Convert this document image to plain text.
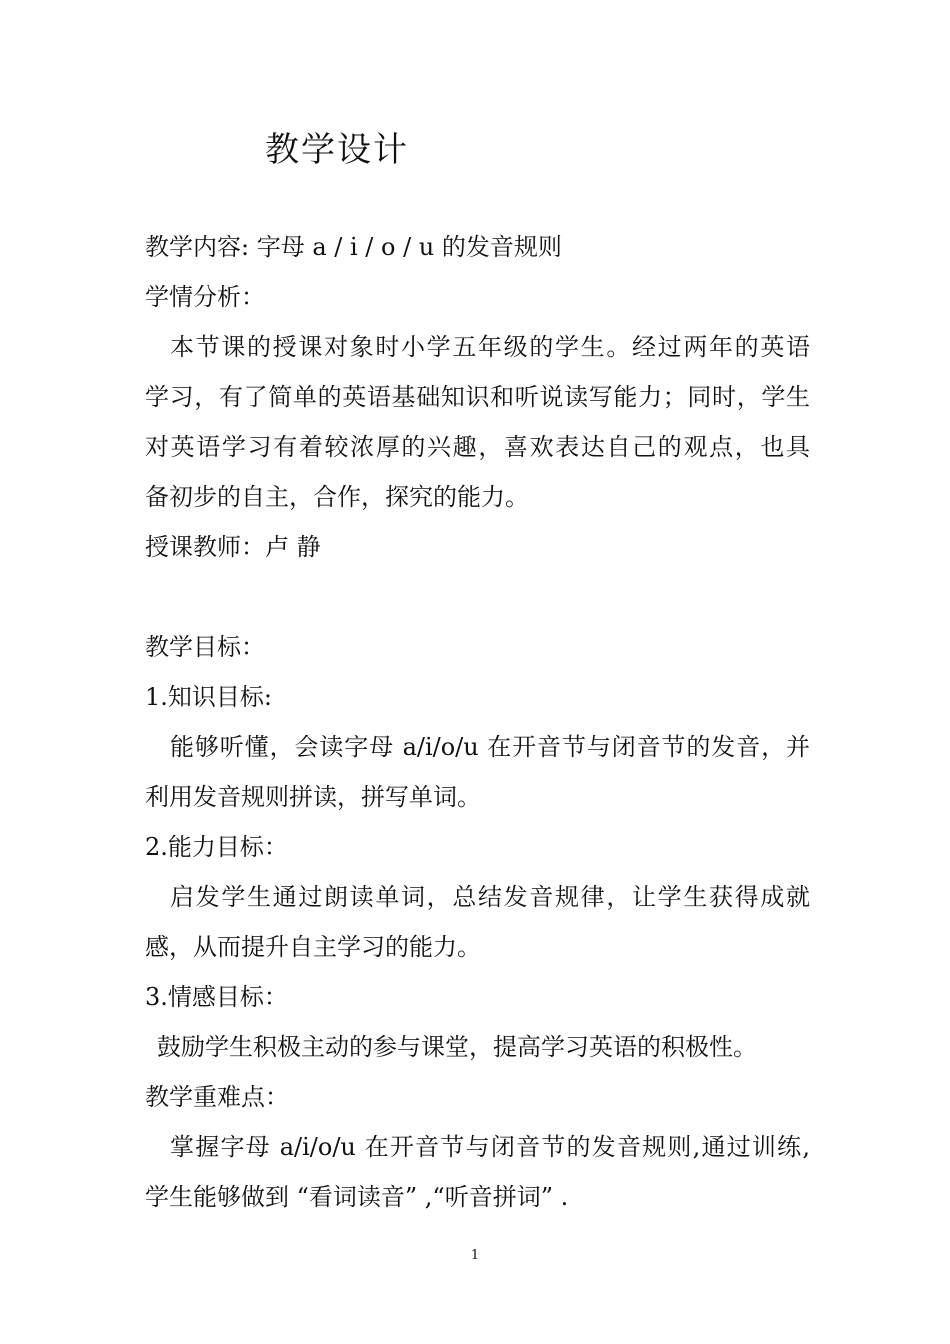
教学设计
教学内容: 字母 a / i / o / u 的发音规则
学情分析：
本节课的授课对象时小学五年级的学生。经过两年的英语
学习，有了简单的英语基础知识和听说读写能力；同时，学生
对英语学习有着较浓厚的兴趣，喜欢表达自己的观点，也具
备初步的自主，合作，探究的能力。
授课教师：卢 静
教学目标：
1.知识目标:
能够听懂，会读字母 a/i/o/u 在开音节与闭音节的发音，并
利用发音规则拼读，拼写单词。
2.能力目标：
启发学生通过朗读单词，总结发音规律，让学生获得成就
感，从而提升自主学习的能力。
3.情感目标：
鼓励学生积极主动的参与课堂，提高学习英语的积极性。
教学重难点：
掌握字母 a/i/o/u 在开音节与闭音节的发音规则,通过训练,
学生能够做到 “看词读音” ,“听音拼词” .
1
